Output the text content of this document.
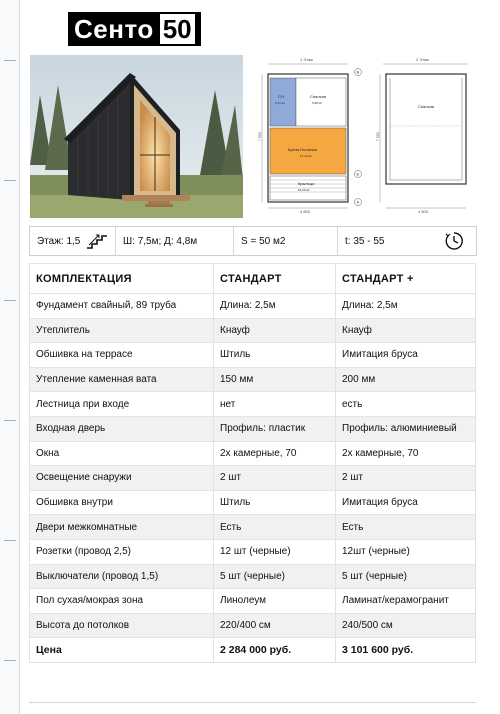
Сенто 50
1 Этаж
С/У
3,71 м²
Спальня
5,08 м²
Кухня-Гостиная
17,13 м²
Крыльцо
10,20 м²
4 800
7 500
В
Б
А
2 Этаж
Спальня
4 800
7 500
Этаж: 1,5	Ш: 7,5м; Д: 4,8м	S = 50 м2	t: 35 - 55
КОМПЛЕКТАЦИЯ	СТАНДАРТ	СТАНДАРТ +
Фундамент свайный, 89 труба	Длина: 2,5м	Длина: 2,5м
Утеплитель	Кнауф	Кнауф
Обшивка на террасе	Штиль	Имитация бруса
Утепление каменная вата	150 мм	200 мм
Лестница при входе	нет	есть
Входная дверь	Профиль: пластик	Профиль: алюминиевый
Окна	2х камерные, 70	2х камерные, 70
Освещение снаружи	2 шт	2 шт
Обшивка внутри	Штиль	Имитация бруса
Двери межкомнатные	Есть	Есть
Розетки (провод 2,5)	12 шт (черные)	12шт (черные)
Выключатели (провод 1,5)	5 шт (черные)	5 шт (черные)
Пол сухая/мокрая зона	Линолеум	Ламинат/керамогранит
Высота до потолков	220/400 см	240/500 см
Цена	2 284 000 руб.	3 101 600 руб.
